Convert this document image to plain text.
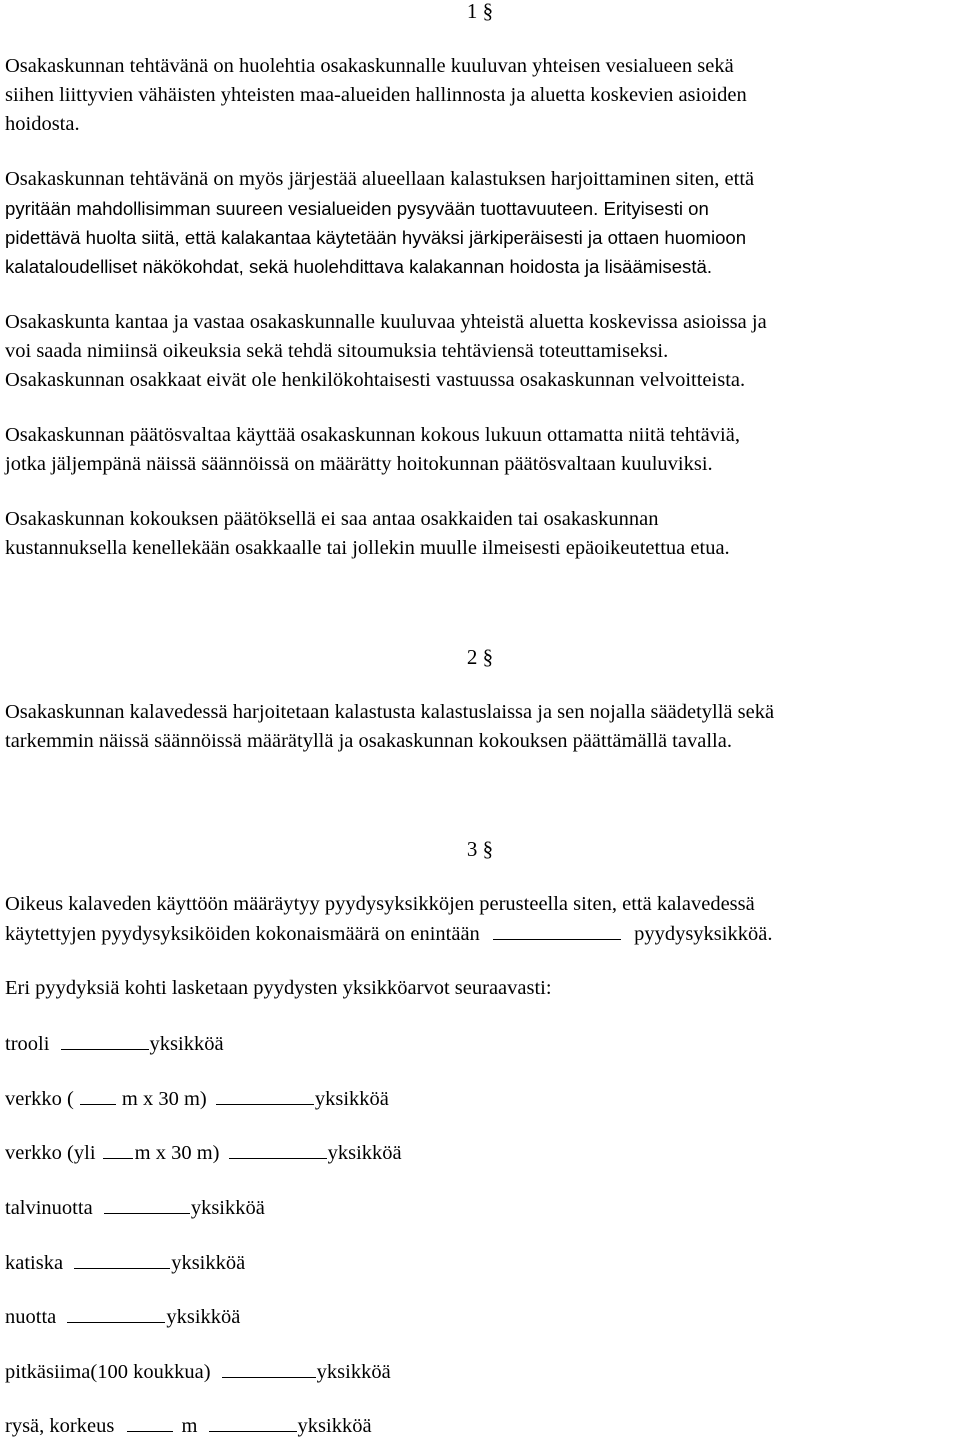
1 §
Osakaskunnan tehtävänä on huolehtia osakaskunnalle kuuluvan yhteisen vesialueen sekä
siihen liittyvien vähäisten yhteisten maa-alueiden hallinnosta ja aluetta koskevien asioiden
hoidosta.
Osakaskunnan tehtävänä on myös järjestää alueellaan kalastuksen harjoittaminen siten, että
pyritään mahdollisimman suureen vesialueiden pysyvään tuottavuuteen. Erityisesti on
pidettävä huolta siitä, että kalakantaa käytetään hyväksi järkiperäisesti ja ottaen huomioon
kalataloudelliset näkökohdat, sekä huolehdittava kalakannan hoidosta ja lisäämisestä.
Osakaskunta kantaa ja vastaa osakaskunnalle kuuluvaa yhteistä aluetta koskevissa asioissa ja
voi saada nimiinsä oikeuksia sekä tehdä sitoumuksia tehtäviensä toteuttamiseksi.
Osakaskunnan osakkaat eivät ole henkilökohtaisesti vastuussa osakaskunnan velvoitteista.
Osakaskunnan päätösvaltaa käyttää osakaskunnan kokous lukuun ottamatta niitä tehtäviä,
jotka jäljempänä näissä säännöissä on määrätty hoitokunnan päätösvaltaan kuuluviksi.
Osakaskunnan kokouksen päätöksellä ei saa antaa osakkaiden tai osakaskunnan
kustannuksella kenellekään osakkaalle tai jollekin muulle ilmeisesti epäoikeutettua etua.
2 §
Osakaskunnan kalavedessä harjoitetaan kalastusta kalastuslaissa ja sen nojalla säädetyllä sekä
tarkemmin näissä säännöissä määrätyllä ja osakaskunnan kokouksen päättämällä tavalla.
3 §
Oikeus kalaveden käyttöön määräytyy pyydysyksikköjen perusteella siten, että kalavedessä
käytettyjen pyydysyksiköiden kokonaismäärä on enintään	pyydysyksikköä.
Eri pyydyksiä kohti lasketaan pyydysten yksikköarvot seuraavasti:
trooli	yksikköä
verkko ( m x 30 m)	yksikköä
verkko (yli m x 30 m)	yksikköä
talvinuotta	yksikköä
katiska	yksikköä
nuotta	yksikköä
pitkäsiima(100 koukkua)	yksikköä
rysä, korkeus	m	yksikköä
